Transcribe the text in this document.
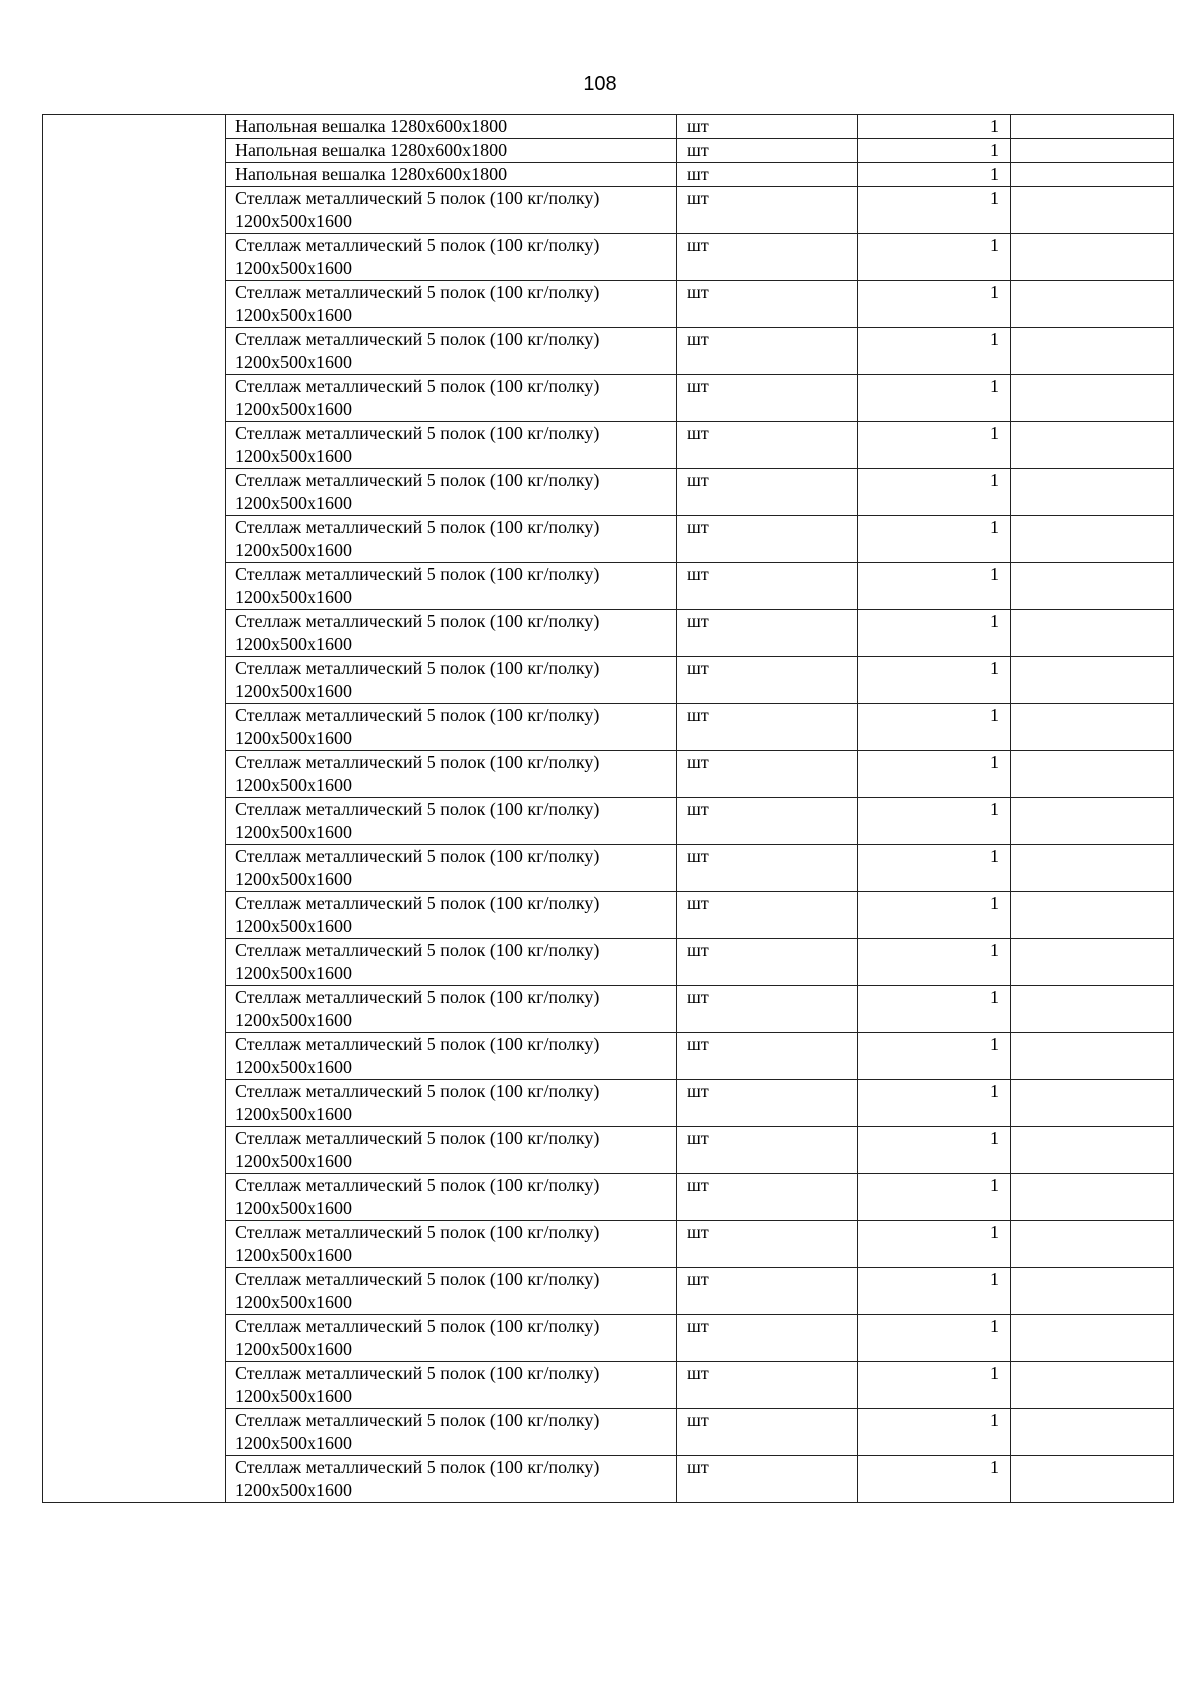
108

	Напольная вешалка 1280х600х1800	шт	1	

	Напольная вешалка 1280х600х1800	шт	1	

	Напольная вешалка 1280х600х1800	шт	1	

	Стеллаж металлический 5 полок (100 кг/полку)
1200х500х1600	шт	1	

	Стеллаж металлический 5 полок (100 кг/полку)
1200х500х1600	шт	1	

	Стеллаж металлический 5 полок (100 кг/полку)
1200х500х1600	шт	1	

	Стеллаж металлический 5 полок (100 кг/полку)
1200х500х1600	шт	1	

	Стеллаж металлический 5 полок (100 кг/полку)
1200х500х1600	шт	1	

	Стеллаж металлический 5 полок (100 кг/полку)
1200х500х1600	шт	1	

	Стеллаж металлический 5 полок (100 кг/полку)
1200х500х1600	шт	1	

	Стеллаж металлический 5 полок (100 кг/полку)
1200х500х1600	шт	1	

	Стеллаж металлический 5 полок (100 кг/полку)
1200х500х1600	шт	1	

	Стеллаж металлический 5 полок (100 кг/полку)
1200х500х1600	шт	1	

	Стеллаж металлический 5 полок (100 кг/полку)
1200х500х1600	шт	1	

	Стеллаж металлический 5 полок (100 кг/полку)
1200х500х1600	шт	1	

	Стеллаж металлический 5 полок (100 кг/полку)
1200х500х1600	шт	1	

	Стеллаж металлический 5 полок (100 кг/полку)
1200х500х1600	шт	1	

	Стеллаж металлический 5 полок (100 кг/полку)
1200х500х1600	шт	1	

	Стеллаж металлический 5 полок (100 кг/полку)
1200х500х1600	шт	1	

	Стеллаж металлический 5 полок (100 кг/полку)
1200х500х1600	шт	1	

	Стеллаж металлический 5 полок (100 кг/полку)
1200х500х1600	шт	1	

	Стеллаж металлический 5 полок (100 кг/полку)
1200х500х1600	шт	1	

	Стеллаж металлический 5 полок (100 кг/полку)
1200х500х1600	шт	1	

	Стеллаж металлический 5 полок (100 кг/полку)
1200х500х1600	шт	1	

	Стеллаж металлический 5 полок (100 кг/полку)
1200х500х1600	шт	1	

	Стеллаж металлический 5 полок (100 кг/полку)
1200х500х1600	шт	1	

	Стеллаж металлический 5 полок (100 кг/полку)
1200х500х1600	шт	1	

	Стеллаж металлический 5 полок (100 кг/полку)
1200х500х1600	шт	1	

	Стеллаж металлический 5 полок (100 кг/полку)
1200х500х1600	шт	1	

	Стеллаж металлический 5 полок (100 кг/полку)
1200х500х1600	шт	1	

	Стеллаж металлический 5 полок (100 кг/полку)
1200х500х1600	шт	1	
